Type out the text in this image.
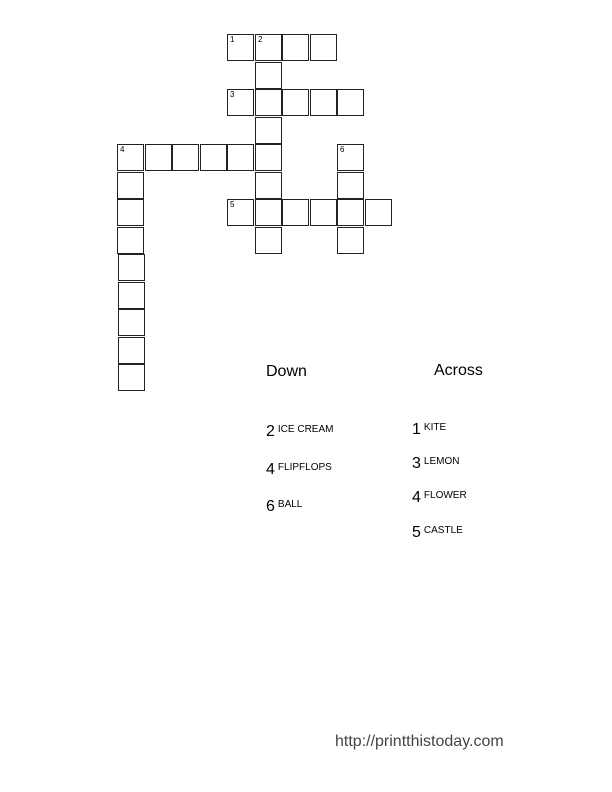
1	2
3
4
5
6
Down	Across
2 $^{ICE CREAM}$
4 $^{FLIPFLOPS}$
6 $^{BALL}$
1 $^{KITE}$
3 $^{LEMON}$
4 $^{FLOWER}$
5 $^{CASTLE}$
http://printthistoday.com
